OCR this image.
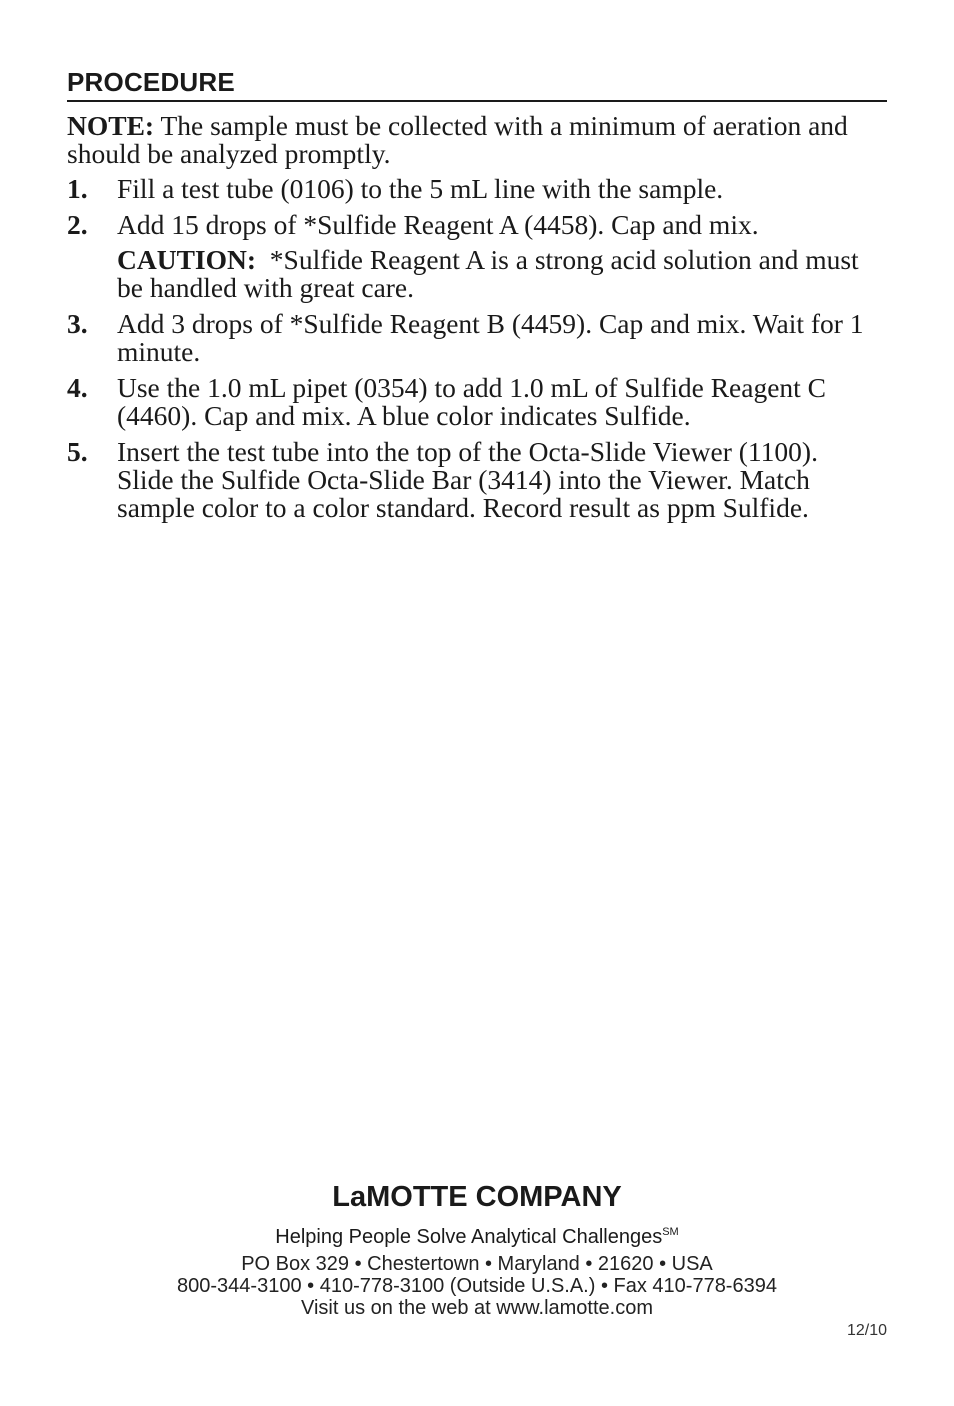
PROCEDURE

NOTE: The sample must be collected with a minimum of aeration and should be analyzed promptly.

1. Fill a test tube (0106) to the 5 mL line with the sample.
2. Add 15 drops of *Sulfide Reagent A (4458). Cap and mix.
CAUTION:  *Sulfide Reagent A is a strong acid solution and must be handled with great care.
3. Add 3 drops of *Sulfide Reagent B (4459). Cap and mix. Wait for 1 minute.
4. Use the 1.0 mL pipet (0354) to add 1.0 mL of Sulfide Reagent C (4460). Cap and mix. A blue color indicates Sulfide.
5. Insert the test tube into the top of the Octa-Slide Viewer (1100). Slide the Sulfide Octa-Slide Bar (3414) into the Viewer. Match sample color to a color standard. Record result as ppm Sulfide.
LaMOTTE COMPANY
Helping People Solve Analytical Challenges℠
PO Box 329 • Chestertown • Maryland • 21620 • USA
800-344-3100 • 410-778-3100 (Outside U.S.A.) • Fax 410-778-6394
Visit us on the web at www.lamotte.com
12/10
